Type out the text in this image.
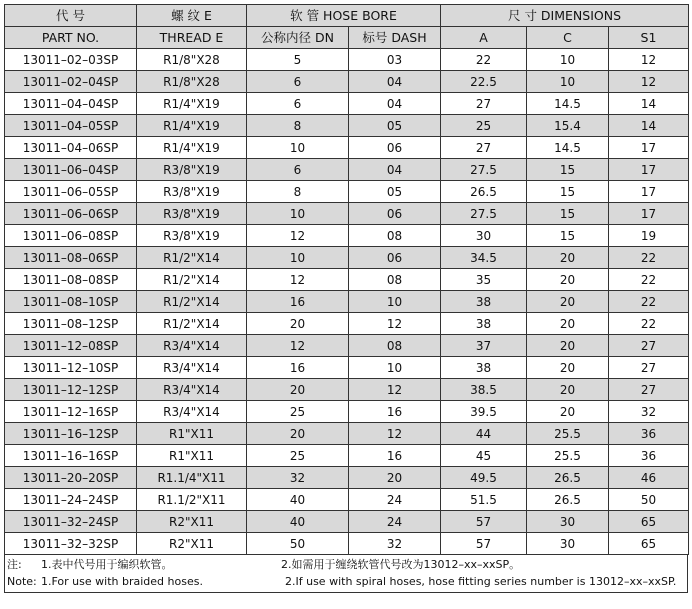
代 号	螺 纹 E	软 管 HOSE BORE		尺 寸 DIMENSIONS		
PART NO.	THREAD E	公称内径 DN	标号 DASH	A	C	S1
13011–02–03SP	R1/8"X28	5	03	22	10	12
13011–02–04SP	R1/8"X28	6	04	22.5	10	12
13011–04–04SP	R1/4"X19	6	04	27	14.5	14
13011–04–05SP	R1/4"X19	8	05	25	15.4	14
13011–04–06SP	R1/4"X19	10	06	27	14.5	17
13011–06–04SP	R3/8"X19	6	04	27.5	15	17
13011–06–05SP	R3/8"X19	8	05	26.5	15	17
13011–06–06SP	R3/8"X19	10	06	27.5	15	17
13011–06–08SP	R3/8"X19	12	08	30	15	19
13011–08–06SP	R1/2"X14	10	06	34.5	20	22
13011–08–08SP	R1/2"X14	12	08	35	20	22
13011–08–10SP	R1/2"X14	16	10	38	20	22
13011–08–12SP	R1/2"X14	20	12	38	20	22
13011–12–08SP	R3/4"X14	12	08	37	20	27
13011–12–10SP	R3/4"X14	16	10	38	20	27
13011–12–12SP	R3/4"X14	20	12	38.5	20	27
13011–12–16SP	R3/4"X14	25	16	39.5	20	32
13011–16–12SP	R1"X11	20	12	44	25.5	36
13011–16–16SP	R1"X11	25	16	45	25.5	36
13011–20–20SP	R1.1/4"X11	32	20	49.5	26.5	46
13011–24–24SP	R1.1/2"X11	40	24	51.5	26.5	50
13011–32–24SP	R2"X11	40	24	57	30	65
13011–32–32SP	R2"X11	50	32	57	30	65
注:	1.表中代号用于编织软管。	2.如需用于缠绕软管代号改为13012–xx–xxSP。
Note: 1.For use with braided hoses.	2.If use with spiral hoses, hose fitting series number is 13012–xx–xxSP.
